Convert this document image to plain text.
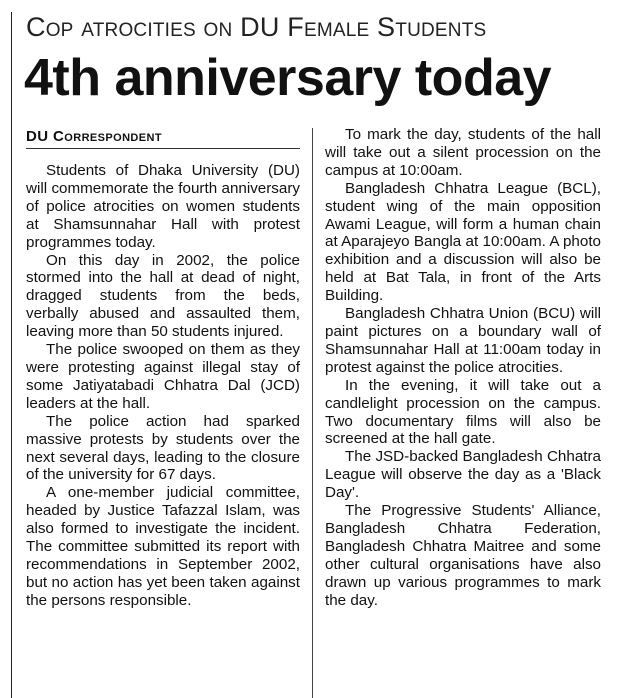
Cop atrocities on DU Female Students
4th anniversary today
DU Correspondent

Students of Dhaka University (DU) will commemorate the fourth anniversary of police atrocities on women students at Shamsunnahar Hall with protest programmes today.

On this day in 2002, the police stormed into the hall at dead of night, dragged students from the beds, verbally abused and assaulted them, leaving more than 50 students injured.

The police swooped on them as they were protesting against illegal stay of some Jatiyatabadi Chhatra Dal (JCD) leaders at the hall.

The police action had sparked massive protests by students over the next several days, leading to the closure of the university for 67 days.

A one-member judicial committee, headed by Justice Tafazzal Islam, was also formed to investigate the incident. The committee submitted its report with recommendations in September 2002, but no action has yet been taken against the persons responsible.

To mark the day, students of the hall will take out a silent procession on the campus at 10:00am.

Bangladesh Chhatra League (BCL), student wing of the main opposition Awami League, will form a human chain at Aparajeyo Bangla at 10:00am. A photo exhibition and a discussion will also be held at Bat Tala, in front of the Arts Building.

Bangladesh Chhatra Union (BCU) will paint pictures on a boundary wall of Shamsunnahar Hall at 11:00am today in protest against the police atrocities.

In the evening, it will take out a candlelight procession on the campus. Two documentary films will also be screened at the hall gate.

The JSD-backed Bangladesh Chhatra League will observe the day as a 'Black Day'.

The Progressive Students' Alliance, Bangladesh Chhatra Federation, Bangladesh Chhatra Maitree and some other cultural organisations have also drawn up various programmes to mark the day.
